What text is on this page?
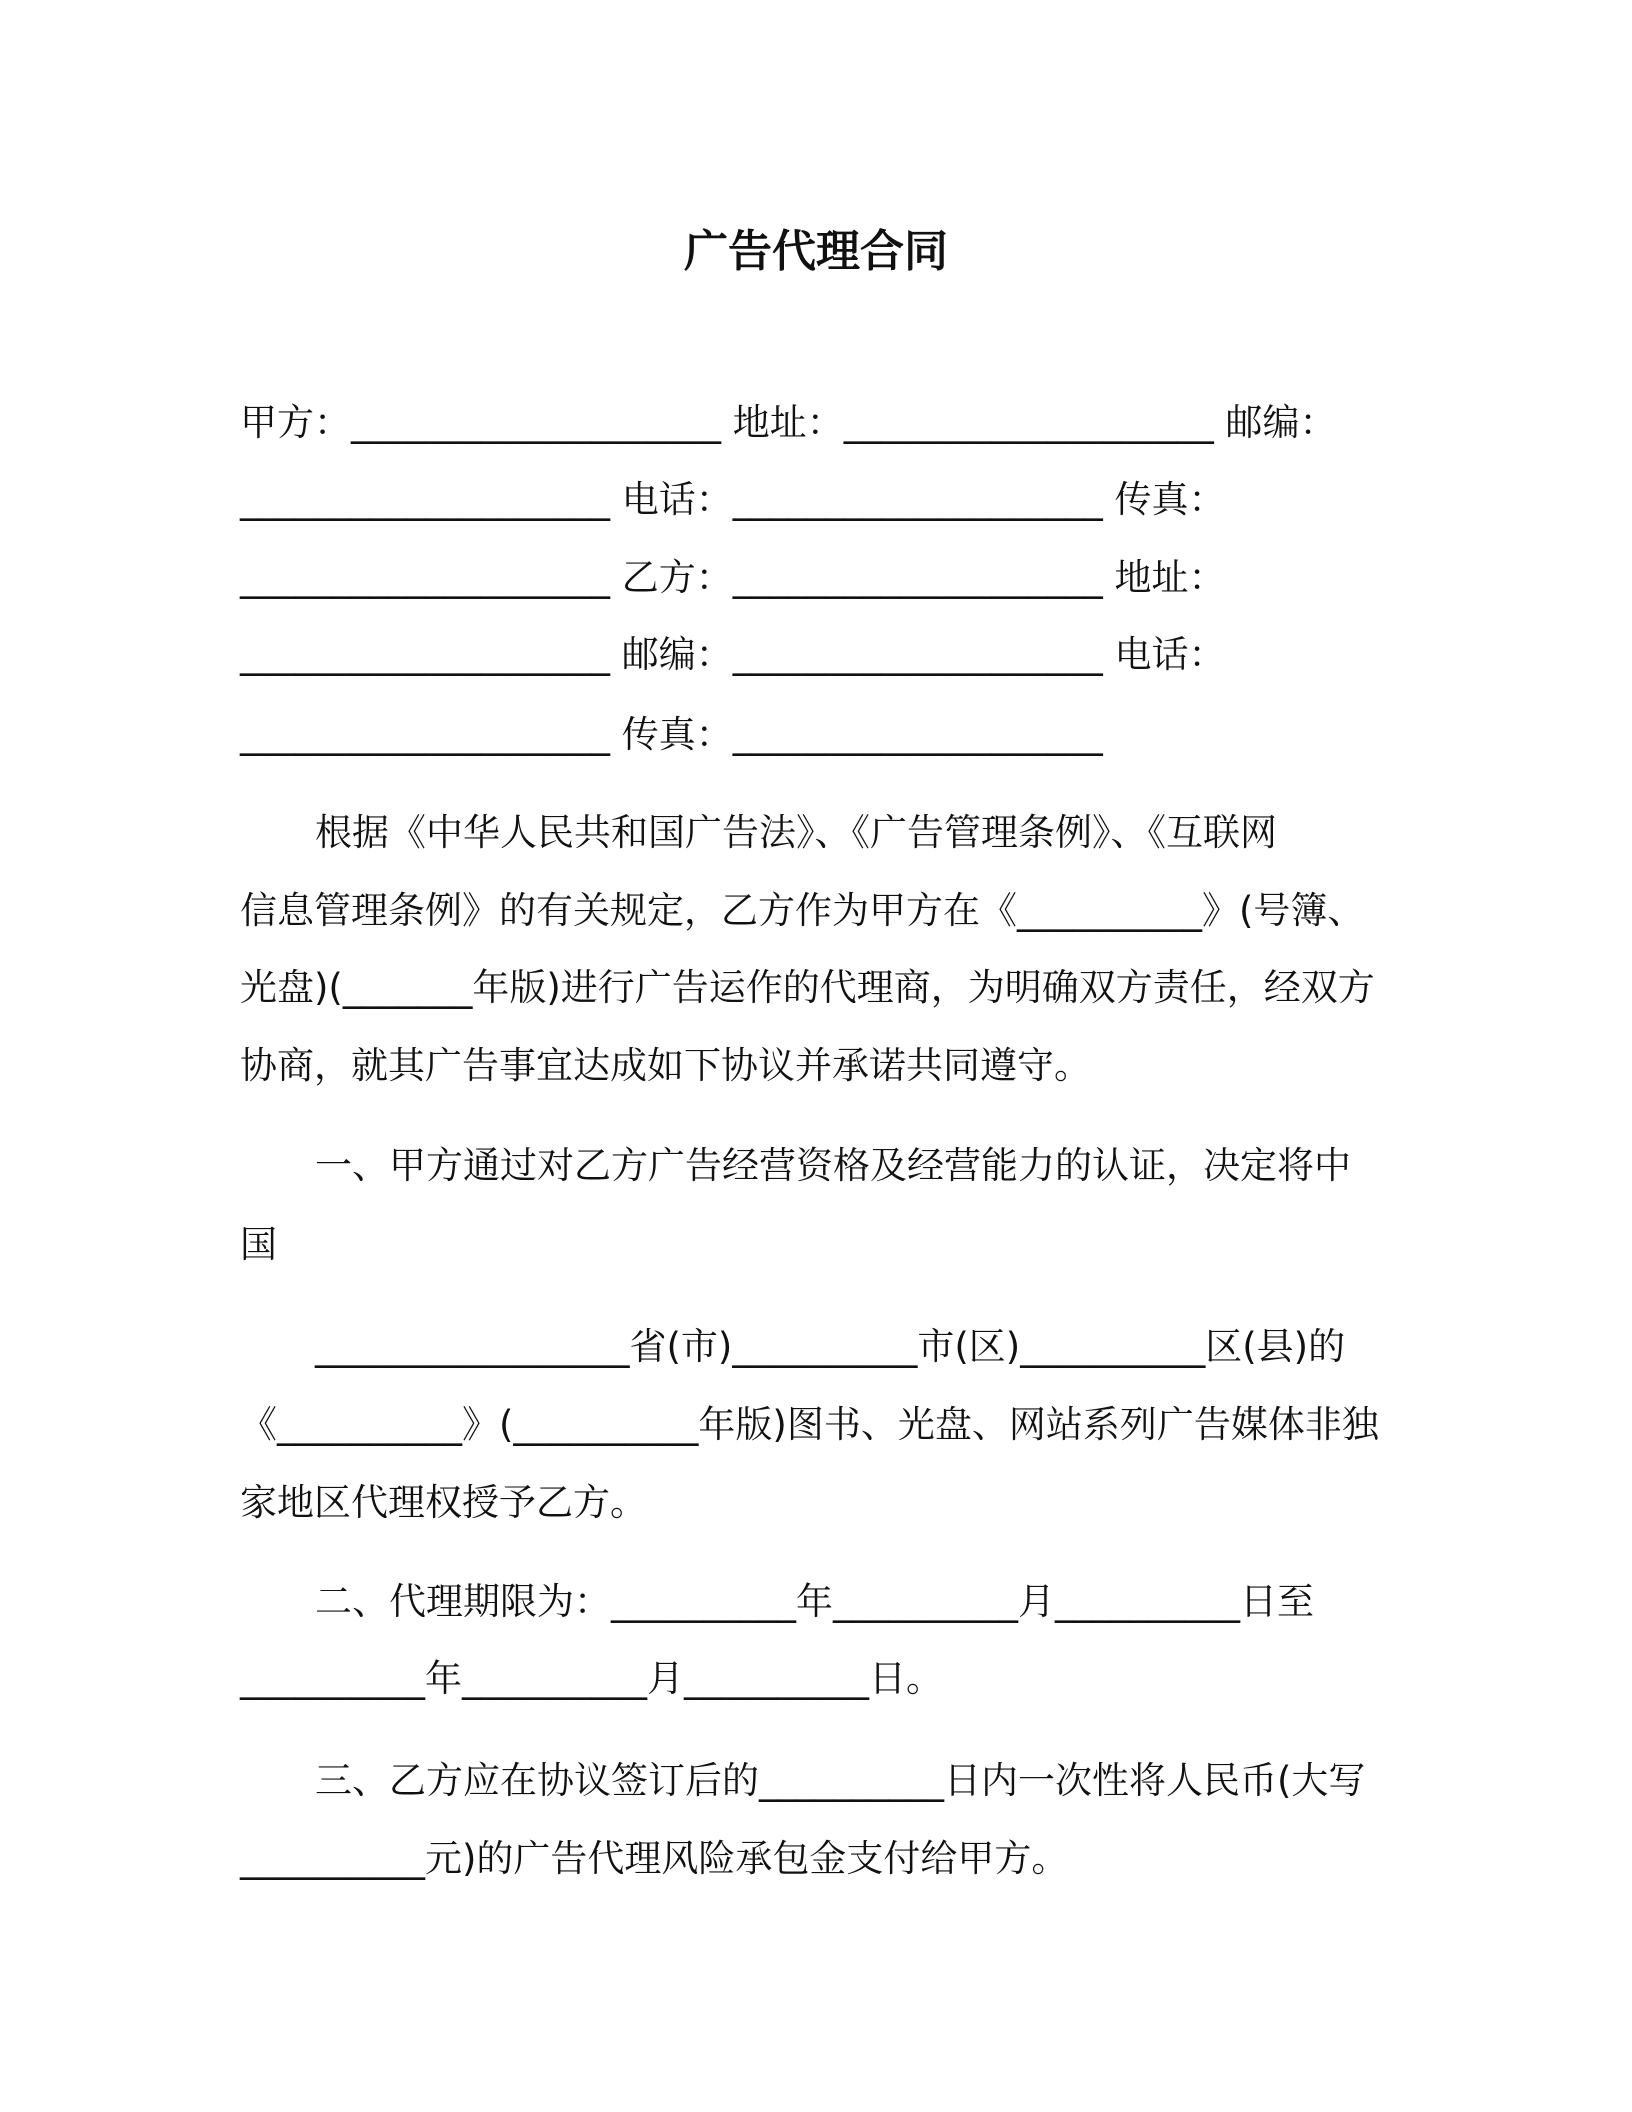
广告代理合同
甲方：____________________ 地址：____________________ 邮编：
____________________ 电话：____________________ 传真：
____________________ 乙方：____________________ 地址：
____________________ 邮编：____________________ 电话：
____________________ 传真：____________________
根据《中华人民共和国广告法》、《广告管理条例》、《互联网
信息管理条例》的有关规定，乙方作为甲方在《__________》(号簿、
光盘)(_______年版)进行广告运作的代理商，为明确双方责任，经双方
协商，就其广告事宜达成如下协议并承诺共同遵守。
一、甲方通过对乙方广告经营资格及经营能力的认证，决定将中
国
_________________省(市)__________市(区)__________区(县)的
《__________》(__________年版)图书、光盘、网站系列广告媒体非独
家地区代理权授予乙方。
二、代理期限为：__________年__________月__________日至
__________年__________月__________日。
三、乙方应在协议签订后的__________日内一次性将人民币(大写
__________元)的广告代理风险承包金支付给甲方。
